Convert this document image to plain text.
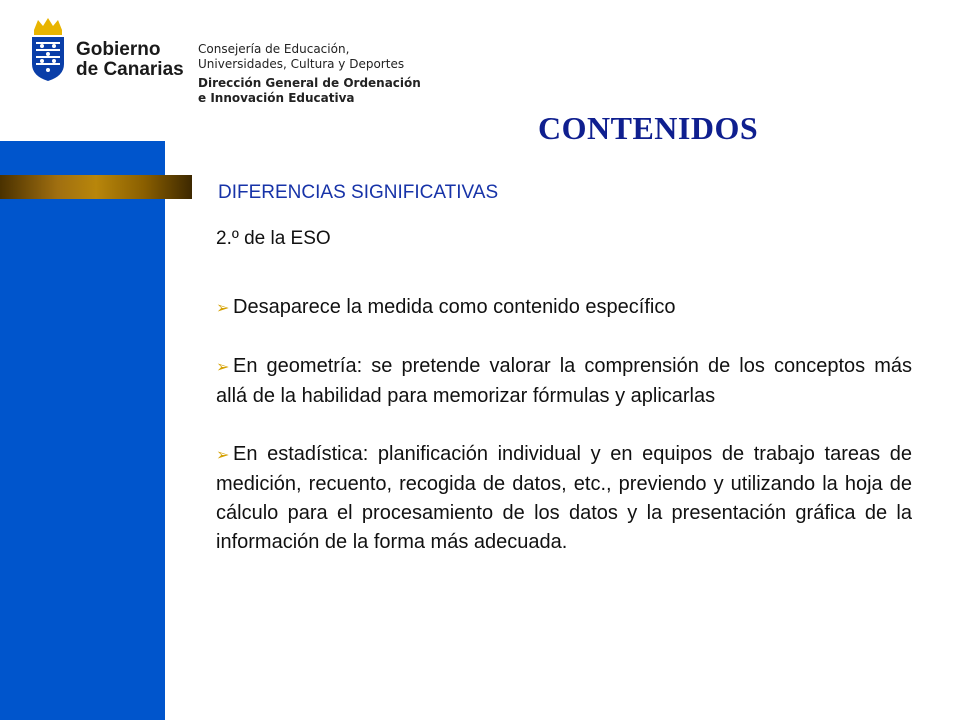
Gobierno
de Canarias
Consejería de Educación,
Universidades, Cultura y Deportes
Dirección General de Ordenación
e Innovación Educativa
CONTENIDOS
DIFERENCIAS SIGNIFICATIVAS
2.º de la ESO
➢ Desaparece la medida como contenido específico
➢ En geometría: se pretende valorar la comprensión de los conceptos más allá de la habilidad para memorizar fórmulas y aplicarlas
➢ En estadística: planificación individual y en equipos de trabajo tareas de medición, recuento, recogida de datos, etc., previendo y utilizando la hoja de cálculo para el procesamiento de los datos y la presentación gráfica de la información de la forma más adecuada.
